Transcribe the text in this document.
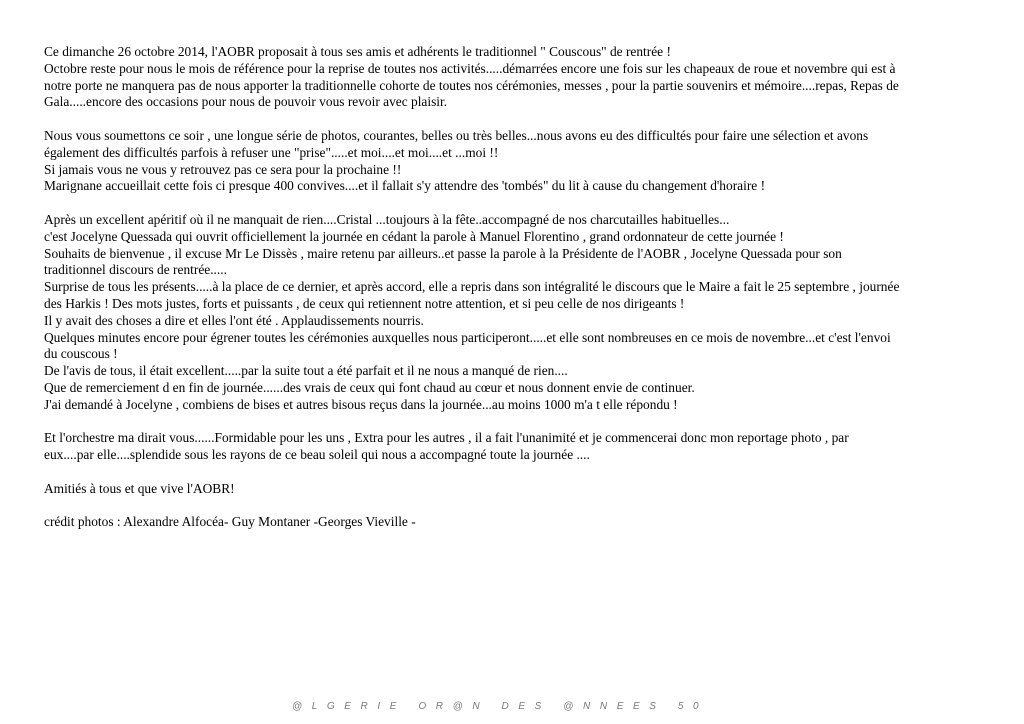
Ce dimanche 26 octobre 2014, l'AOBR proposait à tous ses amis et adhérents le traditionnel " Couscous" de rentrée !
Octobre reste pour nous le mois de référence pour la reprise de toutes nos activités.....démarrées encore une fois sur les chapeaux de roue et novembre qui est à
notre porte ne manquera pas de nous apporter la traditionnelle cohorte de toutes nos cérémonies, messes , pour la partie souvenirs et mémoire....repas, Repas de
Gala.....encore des occasions pour nous de pouvoir vous revoir avec plaisir.
Nous vous soumettons ce soir , une longue série de photos, courantes, belles ou très belles...nous avons eu des difficultés pour faire une sélection et avons
également des difficultés parfois à refuser une "prise".....et moi....et moi....et ...moi !!
Si jamais vous ne vous y retrouvez pas ce sera pour la prochaine !!
Marignane accueillait cette fois ci presque 400 convives....et il fallait s'y attendre des 'tombés" du lit à cause du changement d'horaire !
Après un excellent apéritif où il ne manquait de rien....Cristal ...toujours à la fête..accompagné de nos charcutailles habituelles...
c'est Jocelyne Quessada qui ouvrit officiellement la journée en cédant la parole à Manuel Florentino , grand ordonnateur de cette journée !
Souhaits de bienvenue , il excuse Mr Le Dissès , maire retenu par ailleurs..et passe la parole à la Présidente de l'AOBR , Jocelyne Quessada pour son
traditionnel discours de rentrée.....
Surprise de tous les présents.....à la place de ce dernier, et après accord, elle a repris dans son intégralité le discours que le Maire a fait le 25 septembre , journée
des Harkis ! Des mots justes, forts et puissants , de ceux qui retiennent notre attention, et si peu celle de nos dirigeants !
Il y avait des choses a dire et elles l'ont été . Applaudissements nourris.
Quelques minutes encore pour égrener toutes les cérémonies auxquelles nous participeront.....et elle sont nombreuses en ce mois de novembre...et c'est l'envoi
du couscous !
De l'avis de tous, il était excellent.....par la suite tout a été parfait et il ne nous a manqué de rien....
Que de remerciement d en fin de journée......des vrais de ceux qui font chaud au cœur et nous donnent envie de continuer.
J'ai demandé à Jocelyne , combiens de bises et autres bisous reçus dans la journée...au moins 1000 m'a t elle répondu !
Et l'orchestre ma dirait vous......Formidable pour les uns , Extra pour les autres , il a fait l'unanimité et je commencerai donc mon reportage photo , par
eux....par elle....splendide sous les rayons de ce beau soleil qui nous a accompagné toute la journée ....
Amitiés à tous et que vive l'AOBR!
crédit photos : Alexandre Alfocéa- Guy Montaner -Georges Vieville -
@LGERIE OR@N DES @NNEES 50
